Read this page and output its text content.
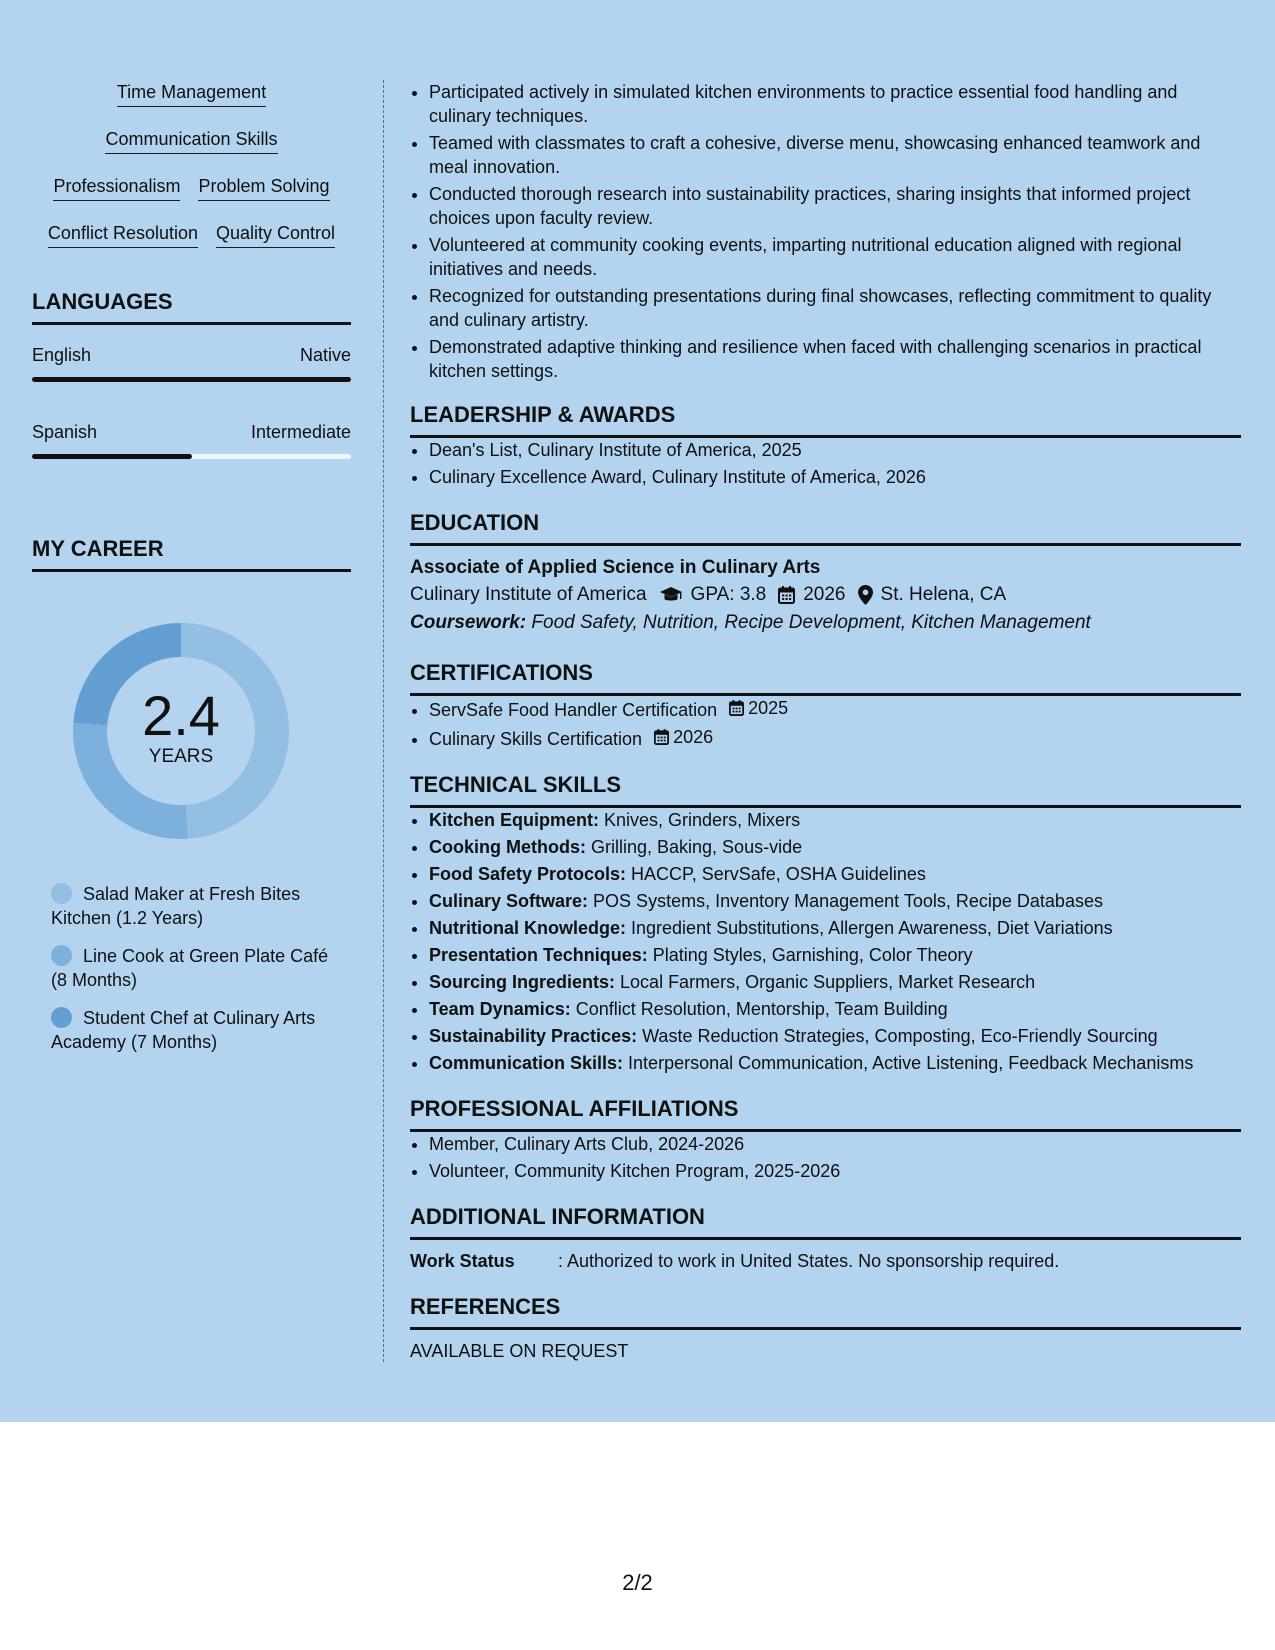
Time Management
Communication Skills
Professionalism Problem Solving
Conflict Resolution Quality Control
LANGUAGES
English	Native
Spanish	Intermediate
MY CAREER
2.4
YEARS
Salad Maker at Fresh Bites Kitchen (1.2 Years)
Line Cook at Green Plate Café (8 Months)
Student Chef at Culinary Arts Academy (7 Months)
• Participated actively in simulated kitchen environments to practice essential food handling and culinary techniques.
• Teamed with classmates to craft a cohesive, diverse menu, showcasing enhanced teamwork and meal innovation.
• Conducted thorough research into sustainability practices, sharing insights that informed project choices upon faculty review.
• Volunteered at community cooking events, imparting nutritional education aligned with regional initiatives and needs.
• Recognized for outstanding presentations during final showcases, reflecting commitment to quality and culinary artistry.
• Demonstrated adaptive thinking and resilience when faced with challenging scenarios in practical kitchen settings.
LEADERSHIP & AWARDS
• Dean's List, Culinary Institute of America, 2025
• Culinary Excellence Award, Culinary Institute of America, 2026
EDUCATION
Associate of Applied Science in Culinary Arts
Culinary Institute of America GPA: 3.8 2026 St. Helena, CA
Coursework: Food Safety, Nutrition, Recipe Development, Kitchen Management
CERTIFICATIONS
• ServSafe Food Handler Certification 2025
• Culinary Skills Certification 2026
TECHNICAL SKILLS
• Kitchen Equipment: Knives, Grinders, Mixers
• Cooking Methods: Grilling, Baking, Sous-vide
• Food Safety Protocols: HACCP, ServSafe, OSHA Guidelines
• Culinary Software: POS Systems, Inventory Management Tools, Recipe Databases
• Nutritional Knowledge: Ingredient Substitutions, Allergen Awareness, Diet Variations
• Presentation Techniques: Plating Styles, Garnishing, Color Theory
• Sourcing Ingredients: Local Farmers, Organic Suppliers, Market Research
• Team Dynamics: Conflict Resolution, Mentorship, Team Building
• Sustainability Practices: Waste Reduction Strategies, Composting, Eco-Friendly Sourcing
• Communication Skills: Interpersonal Communication, Active Listening, Feedback Mechanisms
PROFESSIONAL AFFILIATIONS
• Member, Culinary Arts Club, 2024-2026
• Volunteer, Community Kitchen Program, 2025-2026
ADDITIONAL INFORMATION
Work Status	: Authorized to work in United States. No sponsorship required.
REFERENCES
AVAILABLE ON REQUEST
2/2
